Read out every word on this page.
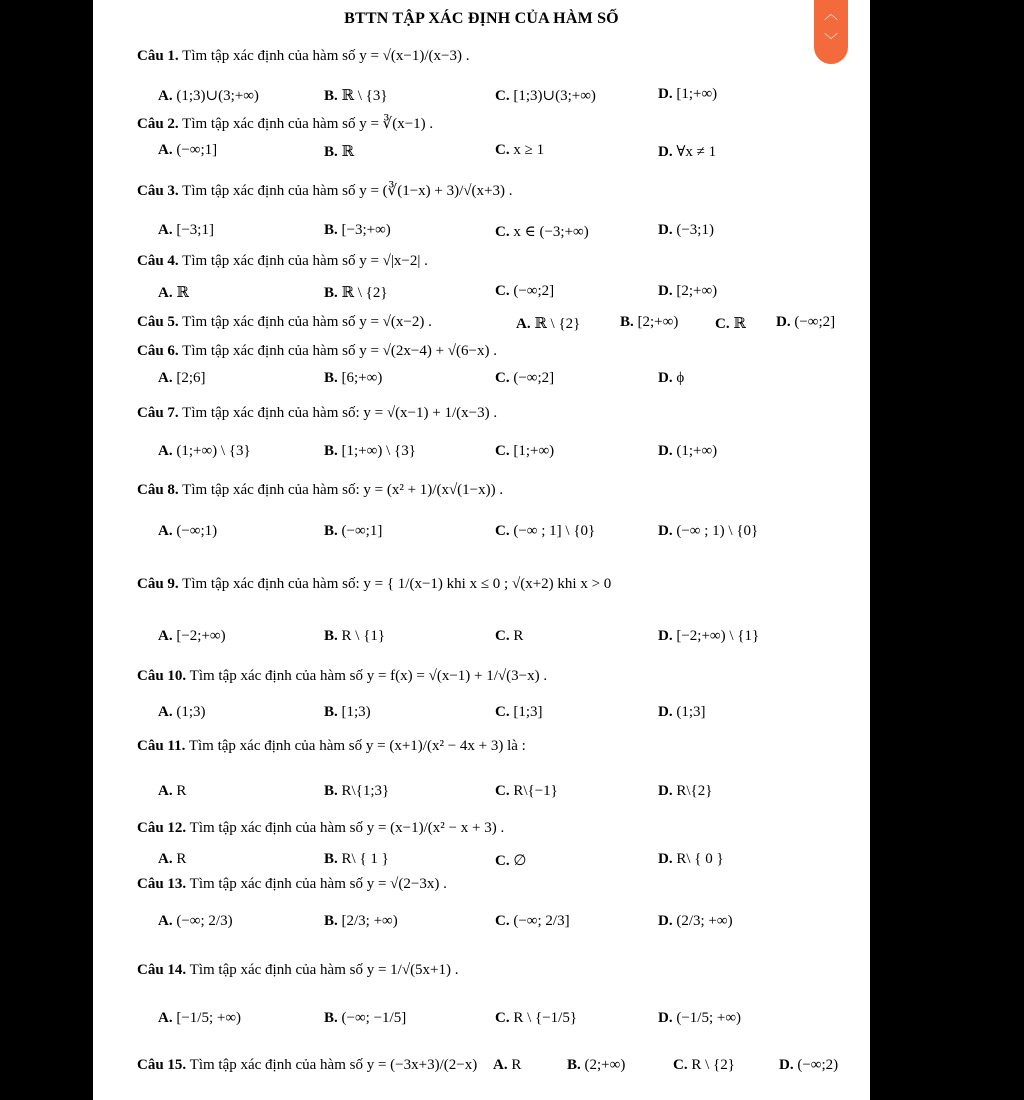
BTTN TẬP XÁC ĐỊNH CỦA HÀM SỐ
Câu 1. Tìm tập xác định của hàm số y = √(x−1)/(x−3) .
A. (1;3)∪(3;+∞)	B. ℝ \ {3}	C. [1;3)∪(3;+∞)	D. [1;+∞)
Câu 2. Tìm tập xác định của hàm số y = ∛(x−1) .
A. (−∞;1]	B. ℝ	C. x ≥ 1	D. ∀x ≠ 1
Câu 3. Tìm tập xác định của hàm số y = (∛(1−x) + 3)/√(x+3) .
A. [−3;1]	B. [−3;+∞)	C. x ∈ (−3;+∞)	D. (−3;1)
Câu 4. Tìm tập xác định của hàm số y = √|x−2| .
A. ℝ	B. ℝ \ {2}	C. (−∞;2]	D. [2;+∞)
Câu 5. Tìm tập xác định của hàm số y = √(x−2) .	A. ℝ \ {2}	B. [2;+∞) C. ℝ D. (−∞;2]
Câu 6. Tìm tập xác định của hàm số y = √(2x−4) + √(6−x) .
A. [2;6]	B. [6;+∞)	C. (−∞;2]	D. ϕ
Câu 7. Tìm tập xác định của hàm số: y = √(x−1) + 1/(x−3) .
A. (1;+∞) \ {3}	B. [1;+∞) \ {3}	C. [1;+∞)	D. (1;+∞)
Câu 8. Tìm tập xác định của hàm số: y = (x² + 1)/(x√(1−x)) .
A. (−∞;1)	B. (−∞;1]	C. (−∞ ; 1] \ {0}	D. (−∞ ; 1) \ {0}
Câu 9. Tìm tập xác định của hàm số: y = { 1/(x−1) khi x ≤ 0 ; √(x+2) khi x > 0
A. [−2;+∞)	B. R \ {1}	C. R	D. [−2;+∞) \ {1}
Câu 10. Tìm tập xác định của hàm số y = f(x) = √(x−1) + 1/√(3−x) .
A. (1;3)	B. [1;3)	C. [1;3]	D. (1;3]
Câu 11. Tìm tập xác định của hàm số y = (x+1)/(x² − 4x + 3) là :
A. R	B. R\{1;3}	C. R\{−1}	D. R\{2}
Câu 12. Tìm tập xác định của hàm số y = (x−1)/(x² − x + 3) .
A. R	B. R\ { 1 }	C. ∅	D. R\ { 0 }
Câu 13. Tìm tập xác định của hàm số y = √(2−3x) .
A. (−∞; 2/3)	B. [2/3; +∞)	C. (−∞; 2/3]	D. (2/3; +∞)
Câu 14. Tìm tập xác định của hàm số y = 1/√(5x+1) .
A. [−1/5; +∞)	B. (−∞; −1/5]	C. R \ {−1/5}	D. (−1/5; +∞)
Câu 15. Tìm tập xác định của hàm số y = (−3x+3)/(2−x) A. R	B. (2;+∞)	C. R \ {2}	D. (−∞;2)
︿
﹀
